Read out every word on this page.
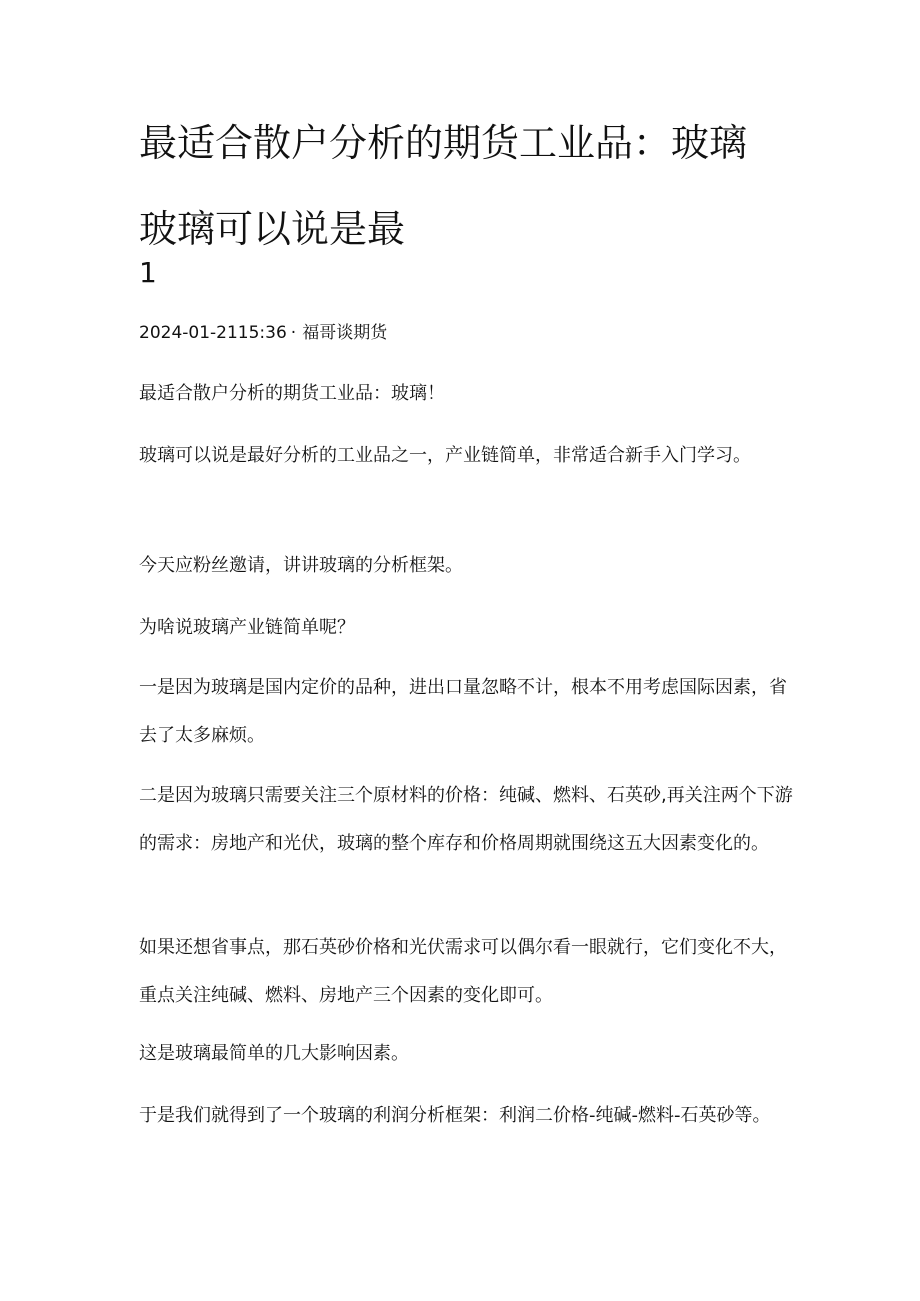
最适合散户分析的期货工业品：玻璃
玻璃可以说是最
1
2024-01-2115:36 · 福哥谈期货

最适合散户分析的期货工业品：玻璃！

玻璃可以说是最好分析的工业品之一，产业链简单，非常适合新手入门学习。

今天应粉丝邀请，讲讲玻璃的分析框架。

为啥说玻璃产业链简单呢？

一是因为玻璃是国内定价的品种，进出口量忽略不计，根本不用考虑国际因素，省去了太多麻烦。

二是因为玻璃只需要关注三个原材料的价格：纯碱、燃料、石英砂,再关注两个下游的需求：房地产和光伏，玻璃的整个库存和价格周期就围绕这五大因素变化的。

如果还想省事点，那石英砂价格和光伏需求可以偶尔看一眼就行，它们变化不大，重点关注纯碱、燃料、房地产三个因素的变化即可。

这是玻璃最简单的几大影响因素。

于是我们就得到了一个玻璃的利润分析框架：利润二价格-纯碱-燃料-石英砂等。
